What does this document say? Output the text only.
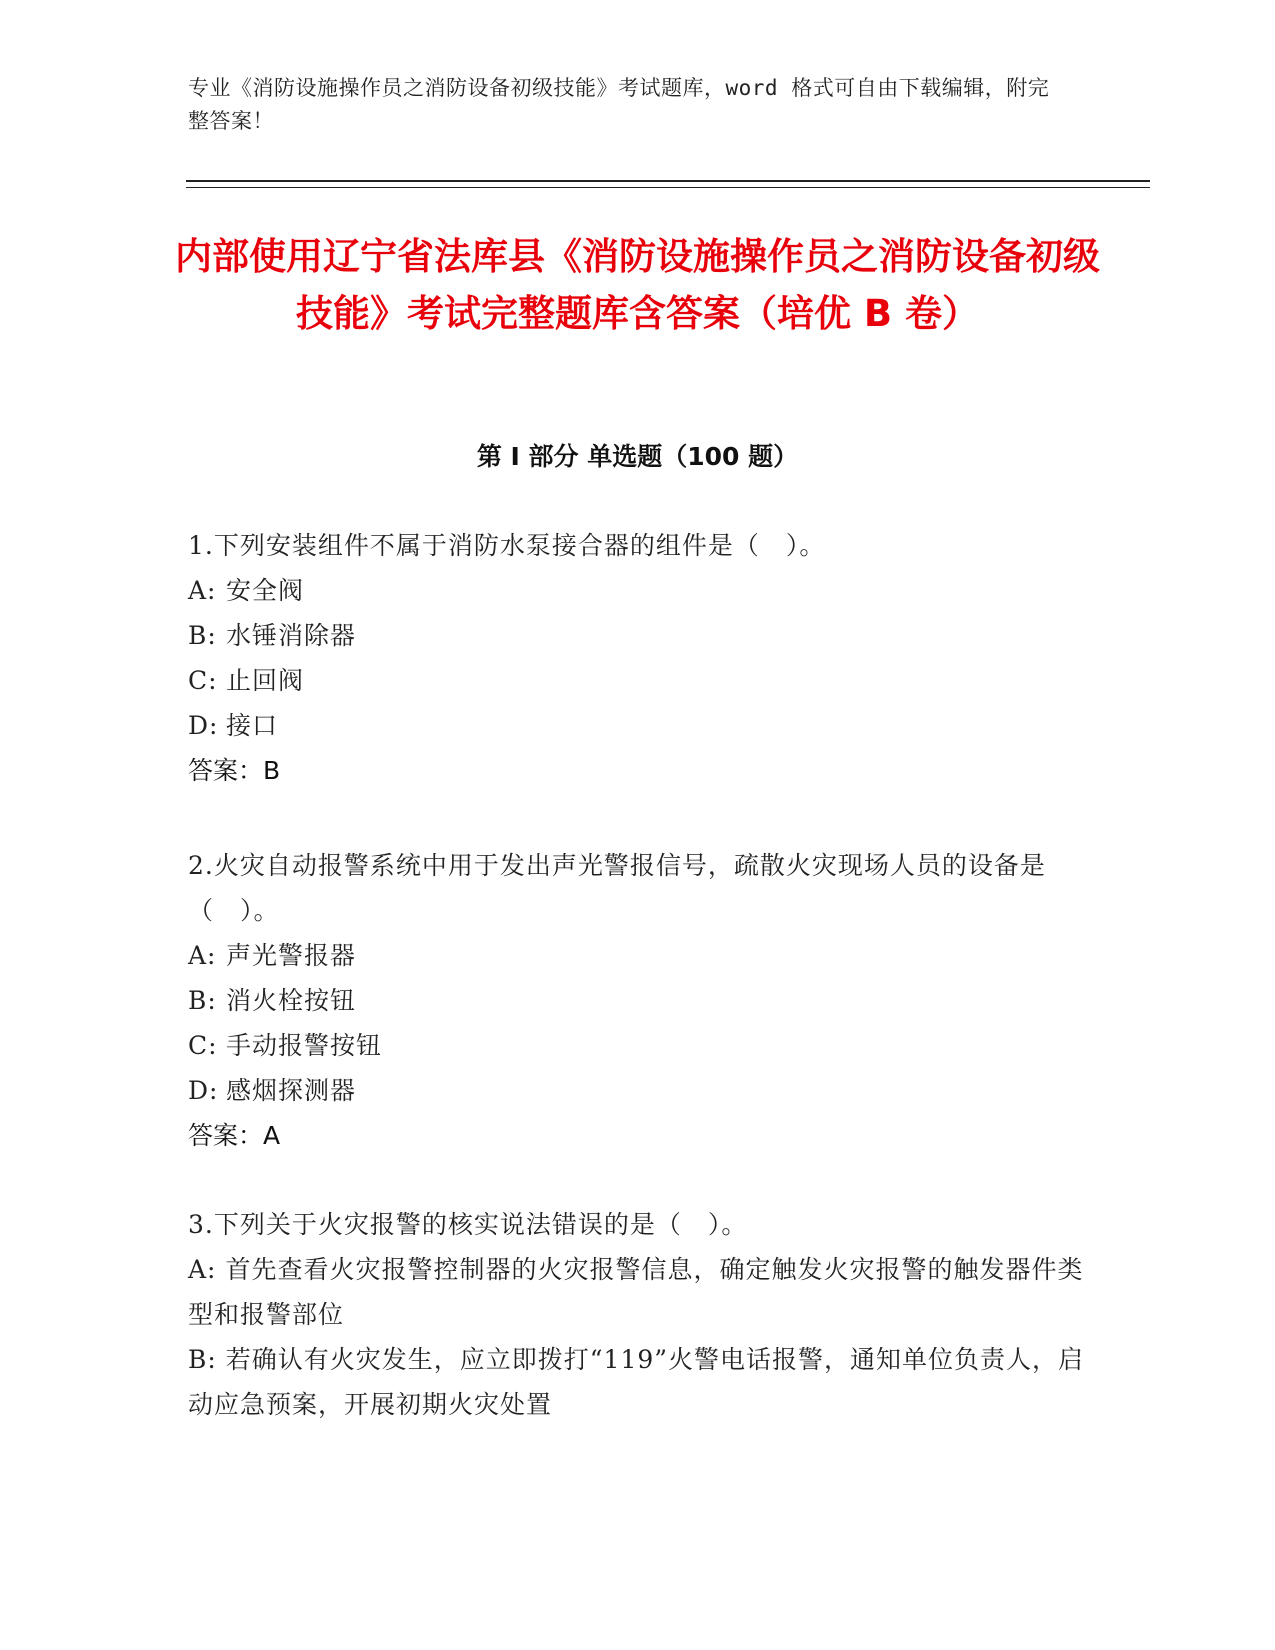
专业《消防设施操作员之消防设备初级技能》考试题库，word 格式可自由下载编辑，附完整答案！
内部使用辽宁省法库县《消防设施操作员之消防设备初级技能》考试完整题库含答案（培优 B 卷）
第 I 部分 单选题（100 题）

1.下列安装组件不属于消防水泵接合器的组件是（　）。

A: 安全阀

B: 水锤消除器

C: 止回阀

D: 接口

答案：B

2.火灾自动报警系统中用于发出声光警报信号，疏散火灾现场人员的设备是（　）。

A: 声光警报器

B: 消火栓按钮

C: 手动报警按钮

D: 感烟探测器

答案：A

3.下列关于火灾报警的核实说法错误的是（　）。

A: 首先查看火灾报警控制器的火灾报警信息，确定触发火灾报警的触发器件类型和报警部位

B: 若确认有火灾发生，应立即拨打“119”火警电话报警，通知单位负责人，启动应急预案，开展初期火灾处置
